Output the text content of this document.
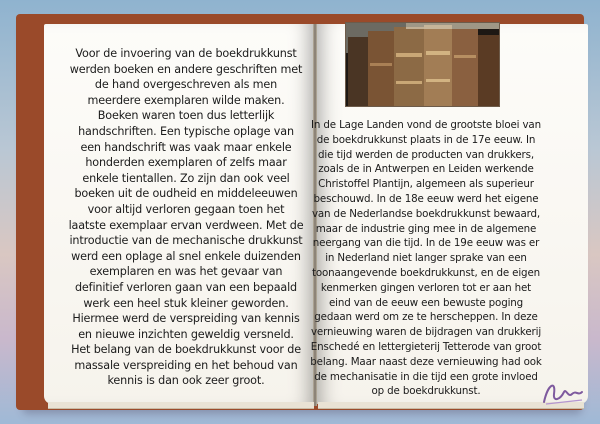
Voor de invoering van de boekdrukkunst werden boeken en andere geschriften met de hand overgeschreven als men meerdere exemplaren wilde maken. Boeken waren toen dus letterlijk handschriften. Een typische oplage van een handschrift was vaak maar enkele honderden exemplaren of zelfs maar enkele tientallen. Zo zijn dan ook veel boeken uit de oudheid en middeleeuwen voor altijd verloren gegaan toen het laatste exemplaar ervan verdween. Met de introductie van de mechanische drukkunst werd een oplage al snel enkele duizenden exemplaren en was het gevaar van definitief verloren gaan van een bepaald werk een heel stuk kleiner geworden. Hiermee werd de verspreiding van kennis en nieuwe inzichten geweldig versneld. Het belang van de boekdrukkunst voor de massale verspreiding en het behoud van kennis is dan ook zeer groot.
In de Lage Landen vond de grootste bloei van de boekdrukkunst plaats in de 17e eeuw. In die tijd werden de producten van drukkers, zoals de in Antwerpen en Leiden werkende Christoffel Plantijn, algemeen als superieur beschouwd. In de 18e eeuw werd het eigene van de Nederlandse boekdrukkunst bewaard, maar de industrie ging mee in de algemene neergang van die tijd. In de 19e eeuw was er in Nederland niet langer sprake van een toonaangevende boekdrukkunst, en de eigen kenmerken gingen verloren tot er aan het eind van de eeuw een bewuste poging gedaan werd om ze te herscheppen. In deze vernieuwing waren de bijdragen van drukkerij Enschedé en lettergieterij Tetterode van groot belang. Maar naast deze vernieuwing had ook de mechanisatie in die tijd een grote invloed op de boekdrukkunst.
